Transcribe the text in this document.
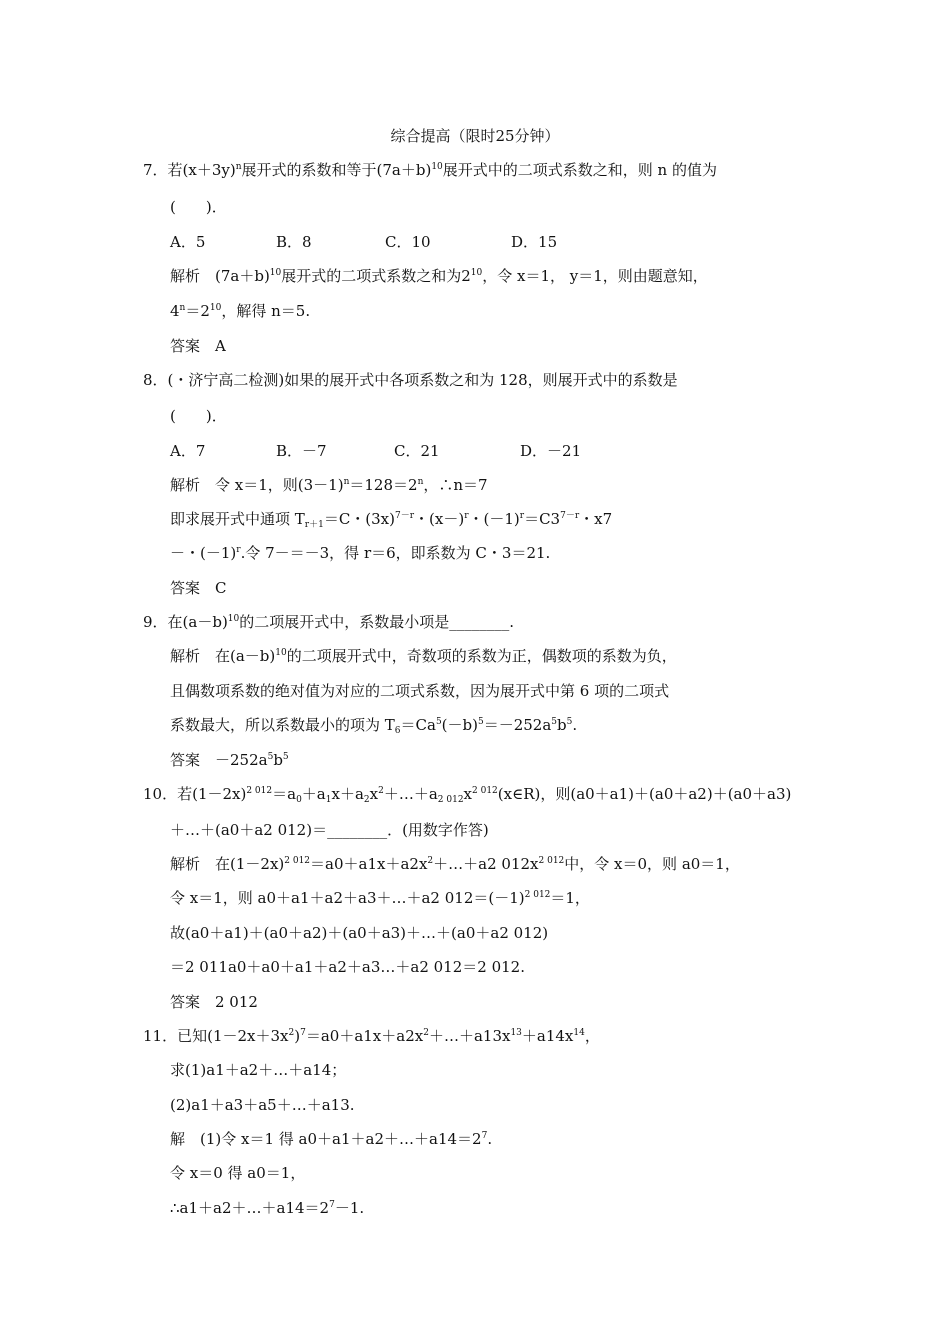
综合提高（限时25分钟）
7．若$(x+3y)^n$展开式的系数和等于$(7a+b)^{10}$展开式中的二项式系数之和，则 n 的值为
(　　)．
A．5	B．8	C．10	D．15
解析　$(7a+b)^{10}$展开式的二项式系数之和为$2^{10}$，令 x＝1， y＝1，则由题意知，
$4^n=2^{10}$，解得 n＝5.
答案　A
8．(・济宁高二检测)如果的展开式中各项系数之和为 128，则展开式中的系数是
(　　)．
A．7	B．－7	C．21	D．－21
解析　令 x＝1，则$(3-1)^n=128=2^n$，∴n＝7
即求展开式中通项 $T_{r+1}=C$・$(3x)^{7-r}$・$(x-)^r$・$(-1)^r=C3^{7-r}$・x7
－・$(-1)^r$.令 7－＝－3，得 r＝6，即系数为 C・3＝21.
答案　C
9．在$(a-b)^{10}$的二项展开式中，系数最小项是________.
解析　在$(a-b)^{10}$的二项展开式中，奇数项的系数为正，偶数项的系数为负，
且偶数项系数的绝对值为对应的二项式系数，因为展开式中第 6 项的二项式
系数最大，所以系数最小的项为 $T_6=Ca^5(-b)^5=-252a^5b^5$.
答案　$-252a^5b^5$
10．若$(1-2x)^{2 012}=a_0+a_1x+a_2x^2+\dots+a_{2 012}x^{2 012}(x\in R)$，则(a0＋a1)＋(a0＋a2)＋(a0＋a3)
＋…＋(a0＋a2 012)＝________．(用数字作答)
解析　在$(1-2x)^{2 012}=a0+a1x+a2x^2+\dots+a2$ $012x^{2 012}$中，令 x＝0，则 a0＝1，
令 x＝1，则 a0＋a1＋a2＋a3＋…＋a2 $012=(-1)^{2 012}=1$，
故(a0＋a1)＋(a0＋a2)＋(a0＋a3)＋…＋(a0＋a2 012)
＝2 011a0＋a0＋a1＋a2＋a3…＋a2 012＝2 012.
答案　2 012
11．已知$(1-2x+3x^2)^7=a0+a1x+a2x^2+\dots+a13x^{13}+a14x^{14}$，
求(1)a1＋a2＋…＋a14；
(2)a1＋a3＋a5＋…＋a13.
解　(1)令 x＝1 得 $a0+a1+a2+\dots+a14=2^7$.
令 x＝0 得 a0＝1，
$\therefore a1+a2+\dots+a14=2^7-1$.
